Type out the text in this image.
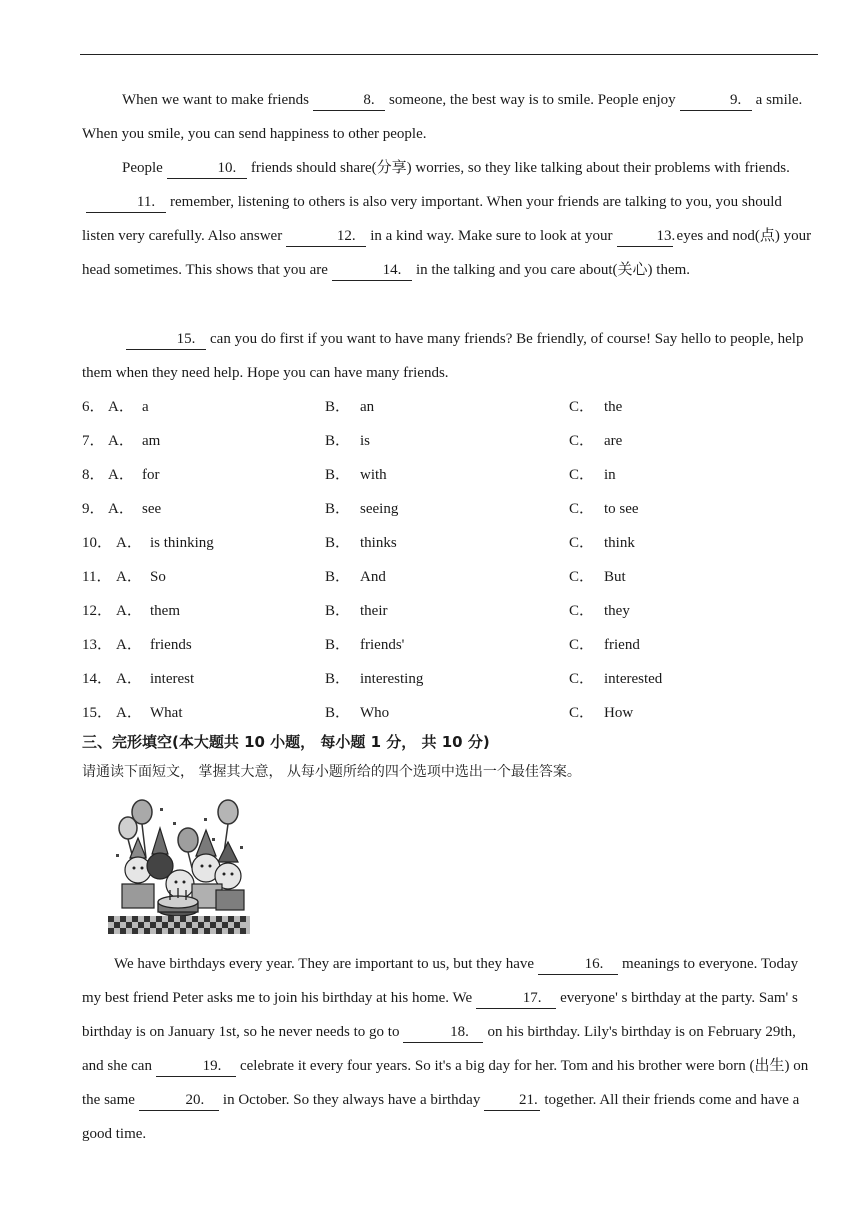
When we want to make friends	8. someone, the best way is to smile. People enjoy	9. a smile. When you smile, you can send happiness to other people.

People	10. friends should share(分享) worries, so they like talking about their problems with friends.11. remember, listening to others is also very important. When your friends are talking to you, you should listen very carefully. Also answer	12. in a kind way. Make sure to look at your	13.eyes and nod(点) your head sometimes. This shows that you are	14. in the talking and you care about(关心) them.

15. can you do first if you want to have many friends? Be friendly, of course! Say hello to people, help them when they need help. Hope you can have many friends.

6． A． a	B． an	C． the
7． A． am	B． is	C． are
8． A． for	B． with	C． in
9． A． see	B． seeing	C． to see
10． A． is thinking	B． thinks	C． think
11． A． So	B． And	C． But
12． A． them	B． their	C． they
13． A． friends	B． friends'	C． friend
14． A． interest	B． interesting	C． interested
15． A． What	B． Who	C． How

三、完形填空(本大题共 10 小题， 每小题 1 分， 共 10 分)

请通读下面短文， 掌握其大意， 从每小题所给的四个选项中选出一个最佳答案。

We have birthdays every year. They are important to us, but they have	16. meanings to everyone. Today my best friend Peter asks me to join his birthday at his home. We	17. everyone' s birthday at the party. Sam' s birthday is on January 1st, so he never needs to go to	18. on his birthday. Lily's birthday is on February 29th, and she can	19. celebrate it every four years. So it's a big day for her. Tom and his brother were born (出生) on the same	20. in October. So they always have a birthday	21. together. All their friends come and have a good time.
